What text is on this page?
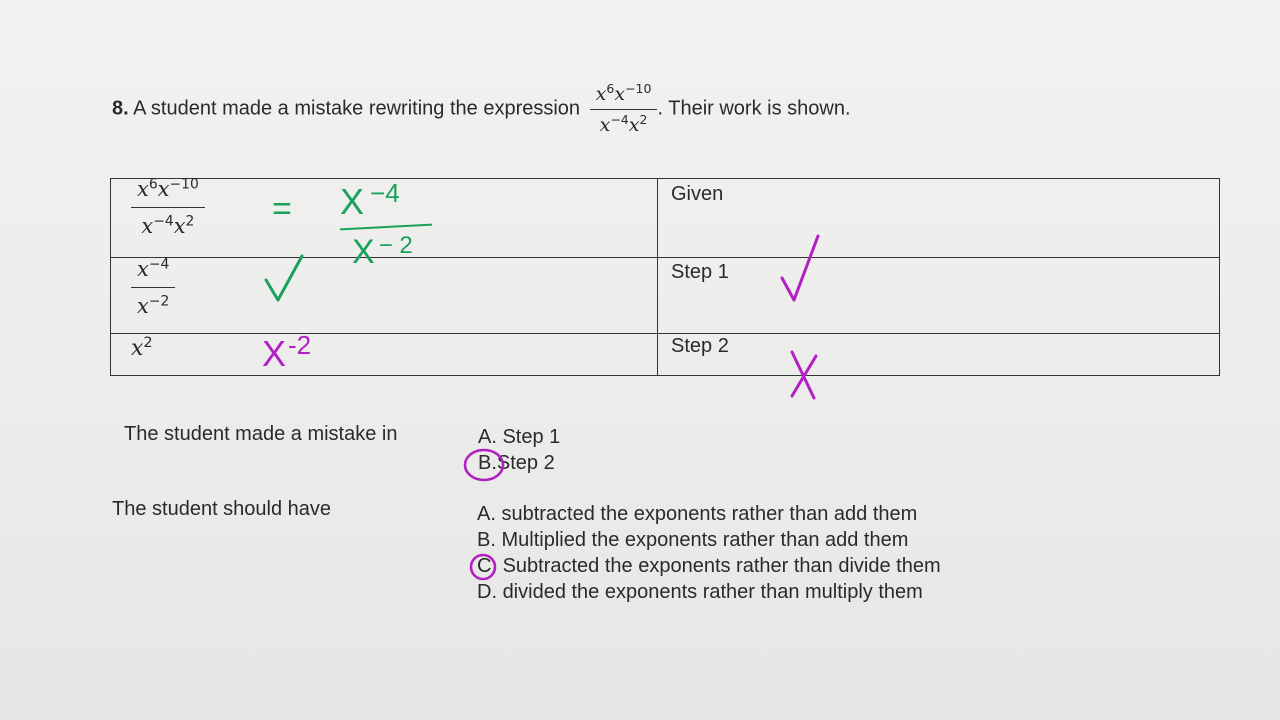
8. A student made a mistake rewriting the expression $\frac{x^6x^{-10}}{x^{-4}x^2}$ . Their work is shown.
$\frac{x^6x^{-10}}{x^{-4}x^2}$	Given
$\frac{x^{-4}}{x^{-2}}$	Step 1
$x^2$	Step 2
= X $^{-4}$
X $^{- 2}$
$X^{-2}$
The student made a mistake in	A. Step 1
B.Step 2
The student should have	A. subtracted the exponents rather than add them
B. Multiplied the exponents rather than add them
C. Subtracted the exponents rather than divide them
D. divided the exponents rather than multiply them
